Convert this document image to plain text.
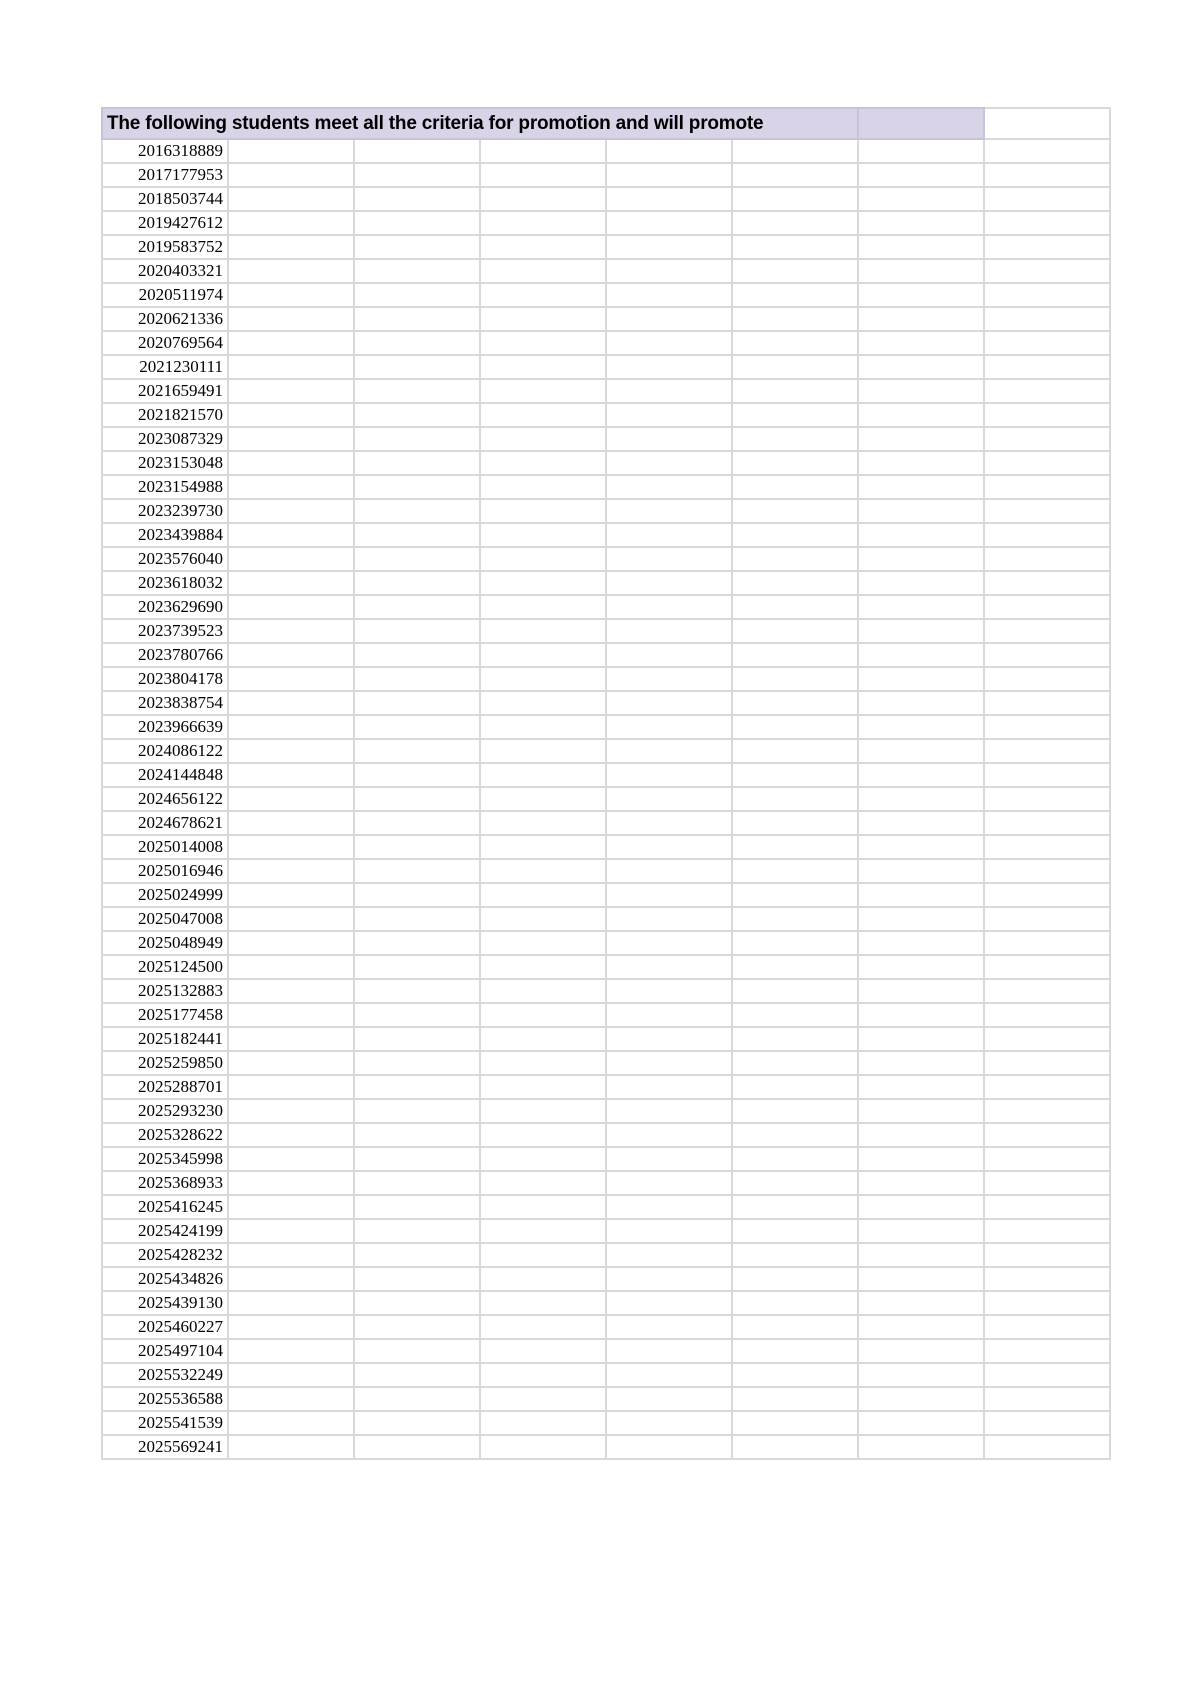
The following students meet all the criteria for promotion and will promote							
2016318889							
2017177953							
2018503744							
2019427612							
2019583752							
2020403321							
2020511974							
2020621336							
2020769564							
2021230111							
2021659491							
2021821570							
2023087329							
2023153048							
2023154988							
2023239730							
2023439884							
2023576040							
2023618032							
2023629690							
2023739523							
2023780766							
2023804178							
2023838754							
2023966639							
2024086122							
2024144848							
2024656122							
2024678621							
2025014008							
2025016946							
2025024999							
2025047008							
2025048949							
2025124500							
2025132883							
2025177458							
2025182441							
2025259850							
2025288701							
2025293230							
2025328622							
2025345998							
2025368933							
2025416245							
2025424199							
2025428232							
2025434826							
2025439130							
2025460227							
2025497104							
2025532249							
2025536588							
2025541539							
2025569241							
